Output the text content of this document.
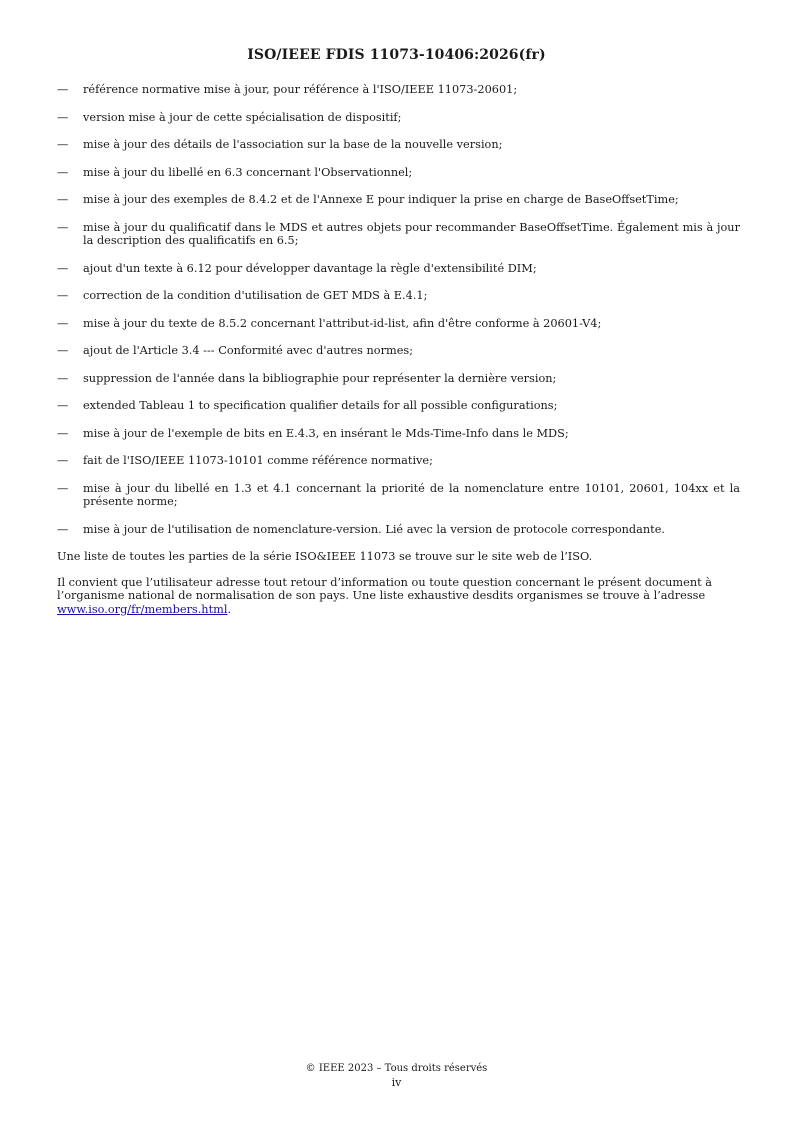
ISO/IEEE FDIS 11073-10406:2026(fr)
—	référence normative mise à jour, pour référence à l'ISO/IEEE 11073-20601;
—	version mise à jour de cette spécialisation de dispositif;
—	mise à jour des détails de l'association sur la base de la nouvelle version;
—	mise à jour du libellé en 6.3 concernant l'Observationnel;
—	mise à jour des exemples de 8.4.2 et de l'Annexe E pour indiquer la prise en charge de BaseOffsetTime;
—	mise à jour du qualificatif dans le MDS et autres objets pour recommander BaseOffsetTime. Également mis à jour la description des qualificatifs en 6.5;
—	ajout d'un texte à 6.12 pour développer davantage la règle d'extensibilité DIM;
—	correction de la condition d'utilisation de GET MDS à E.4.1;
—	mise à jour du texte de 8.5.2 concernant l'attribut-id-list, afin d'être conforme à 20601-V4;
—	ajout de l'Article 3.4 --- Conformité avec d'autres normes;
—	suppression de l'année dans la bibliographie pour représenter la dernière version;
—	extended Tableau 1 to specification qualifier details for all possible configurations;
—	mise à jour de l'exemple de bits en E.4.3, en insérant le Mds-Time-Info dans le MDS;
—	fait de l'ISO/IEEE 11073-10101 comme référence normative;
—	mise à jour du libellé en 1.3 et 4.1 concernant la priorité de la nomenclature entre 10101, 20601, 104xx et la présente norme;
—	mise à jour de l'utilisation de nomenclature-version. Lié avec la version de protocole correspondante.

Une liste de toutes les parties de la série ISO&IEEE 11073 se trouve sur le site web de l’ISO.

Il convient que l’utilisateur adresse tout retour d’information ou toute question concernant le présent document à l’organisme national de normalisation de son pays. Une liste exhaustive desdits organismes se trouve à l’adresse www.iso.org/fr/members.html.

© IEEE 2023 – Tous droits réservés
iv
